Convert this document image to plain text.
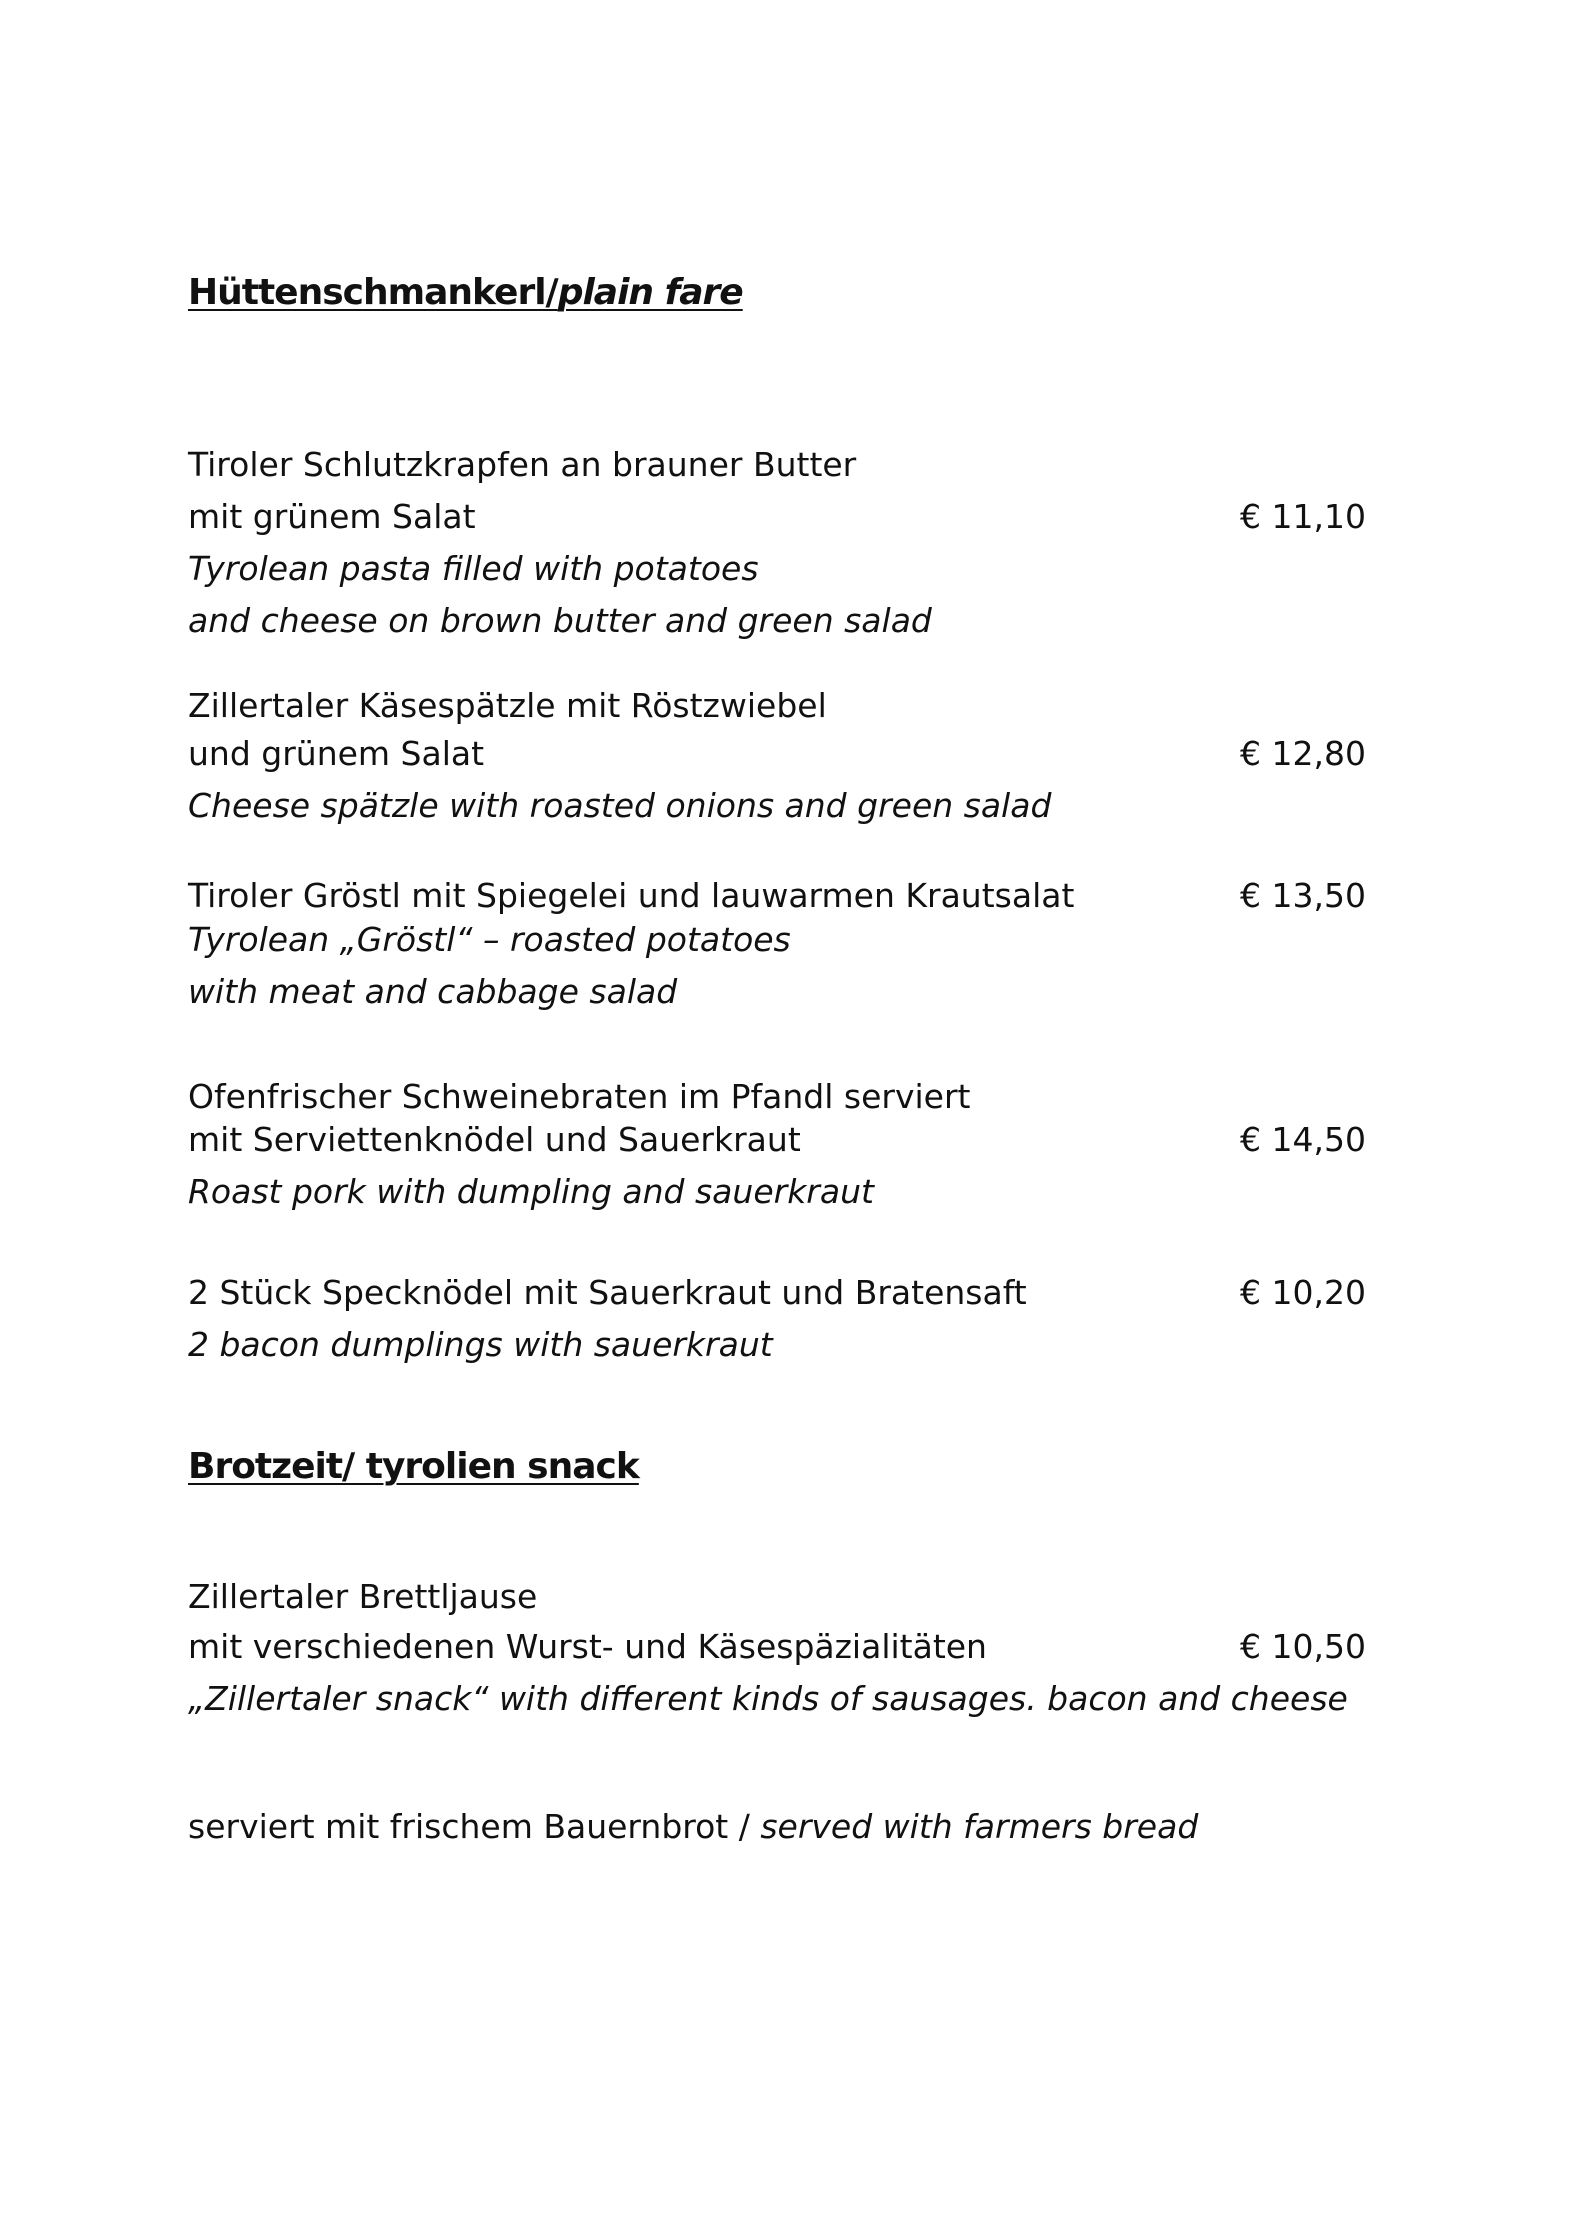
Hüttenschmankerl/plain fare

Tiroler Schlutzkrapfen an brauner Butter

mit grünem Salat	€ 11,10

Tyrolean pasta filled with potatoes

and cheese on brown butter and green salad

Zillertaler Käsespätzle mit Röstzwiebel

und grünem Salat	€ 12,80

Cheese spätzle with roasted onions and green salad

Tiroler Gröstl mit Spiegelei und lauwarmen Krautsalat	€ 13,50

Tyrolean „Gröstl“ – roasted potatoes

with meat and cabbage salad

Ofenfrischer Schweinebraten im Pfandl serviert

mit Serviettenknödel und Sauerkraut	€ 14,50

Roast pork with dumpling and sauerkraut

2 Stück Specknödel mit Sauerkraut und Bratensaft	€ 10,20

2 bacon dumplings with sauerkraut

Brotzeit/ tyrolien snack

Zillertaler Brettljause

mit verschiedenen Wurst- und Käsespäzialitäten	€ 10,50

„Zillertaler snack“ with different kinds of sausages. bacon and cheese

serviert mit frischem Bauernbrot / served with farmers bread
